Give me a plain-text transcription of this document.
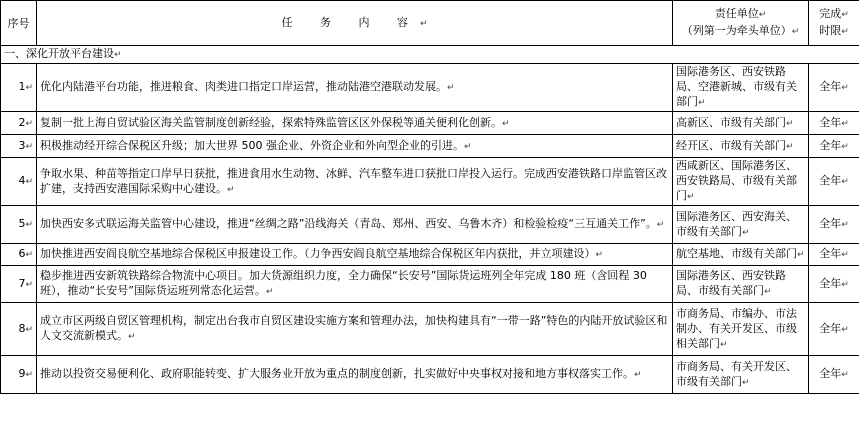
序号	任 务 内 容↵	责任单位↵
（列第一为牵头单位）↵	完成↵
时限↵
一、深化开放平台建设↵			
1↵	优化内陆港平台功能，推进粮食、肉类进口指定口岸运营，推动陆港空港联动发展。↵	国际港务区、西安铁路局、空港新城、市级有关部门↵	全年↵
2↵	复制一批上海自贸试验区海关监管制度创新经验，探索特殊监管区区外保税等通关便利化创新。↵	高新区、市级有关部门↵	全年↵
3↵	积极推动经开综合保税区升级；加大世界 500 强企业、外资企业和外向型企业的引进。↵	经开区、市级有关部门↵	全年↵
4↵	争取水果、种苗等指定口岸早日获批，推进食用水生动物、冰鲜、汽车整车进口获批口岸投入运行。完成西安港铁路口岸监管区改扩建，支持西安港国际采购中心建设。↵	西咸新区、国际港务区、西安铁路局、市级有关部门↵	全年↵
5↵	加快西安多式联运海关监管中心建设，推进“丝绸之路”沿线海关（青岛、郑州、西安、乌鲁木齐）和检验检疫“三互通关工作”。↵	国际港务区、西安海关、市级有关部门↵	全年↵
6↵	加快推进西安阎良航空基地综合保税区申报建设工作。（力争西安阎良航空基地综合保税区年内获批，并立项建设）↵	航空基地、市级有关部门↵	全年↵
7↵	稳步推进西安新筑铁路综合物流中心项目。加大货源组织力度，全力确保“长安号”国际货运班列全年完成 180 班（含回程 30 班），推动“长安号”国际货运班列常态化运营。↵	国际港务区、西安铁路局、市级有关部门↵	全年↵
8↵	成立市区两级自贸区管理机构，制定出台我市自贸区建设实施方案和管理办法，加快构建具有“一带一路”特色的内陆开放试验区和人文交流新模式。↵	市商务局、市编办、市法制办、有关开发区、市级相关部门↵	全年↵
9↵	推动以投资交易便利化、政府职能转变、扩大服务业开放为重点的制度创新，扎实做好中央事权对接和地方事权落实工作。↵	市商务局、有关开发区、市级有关部门↵	全年↵
